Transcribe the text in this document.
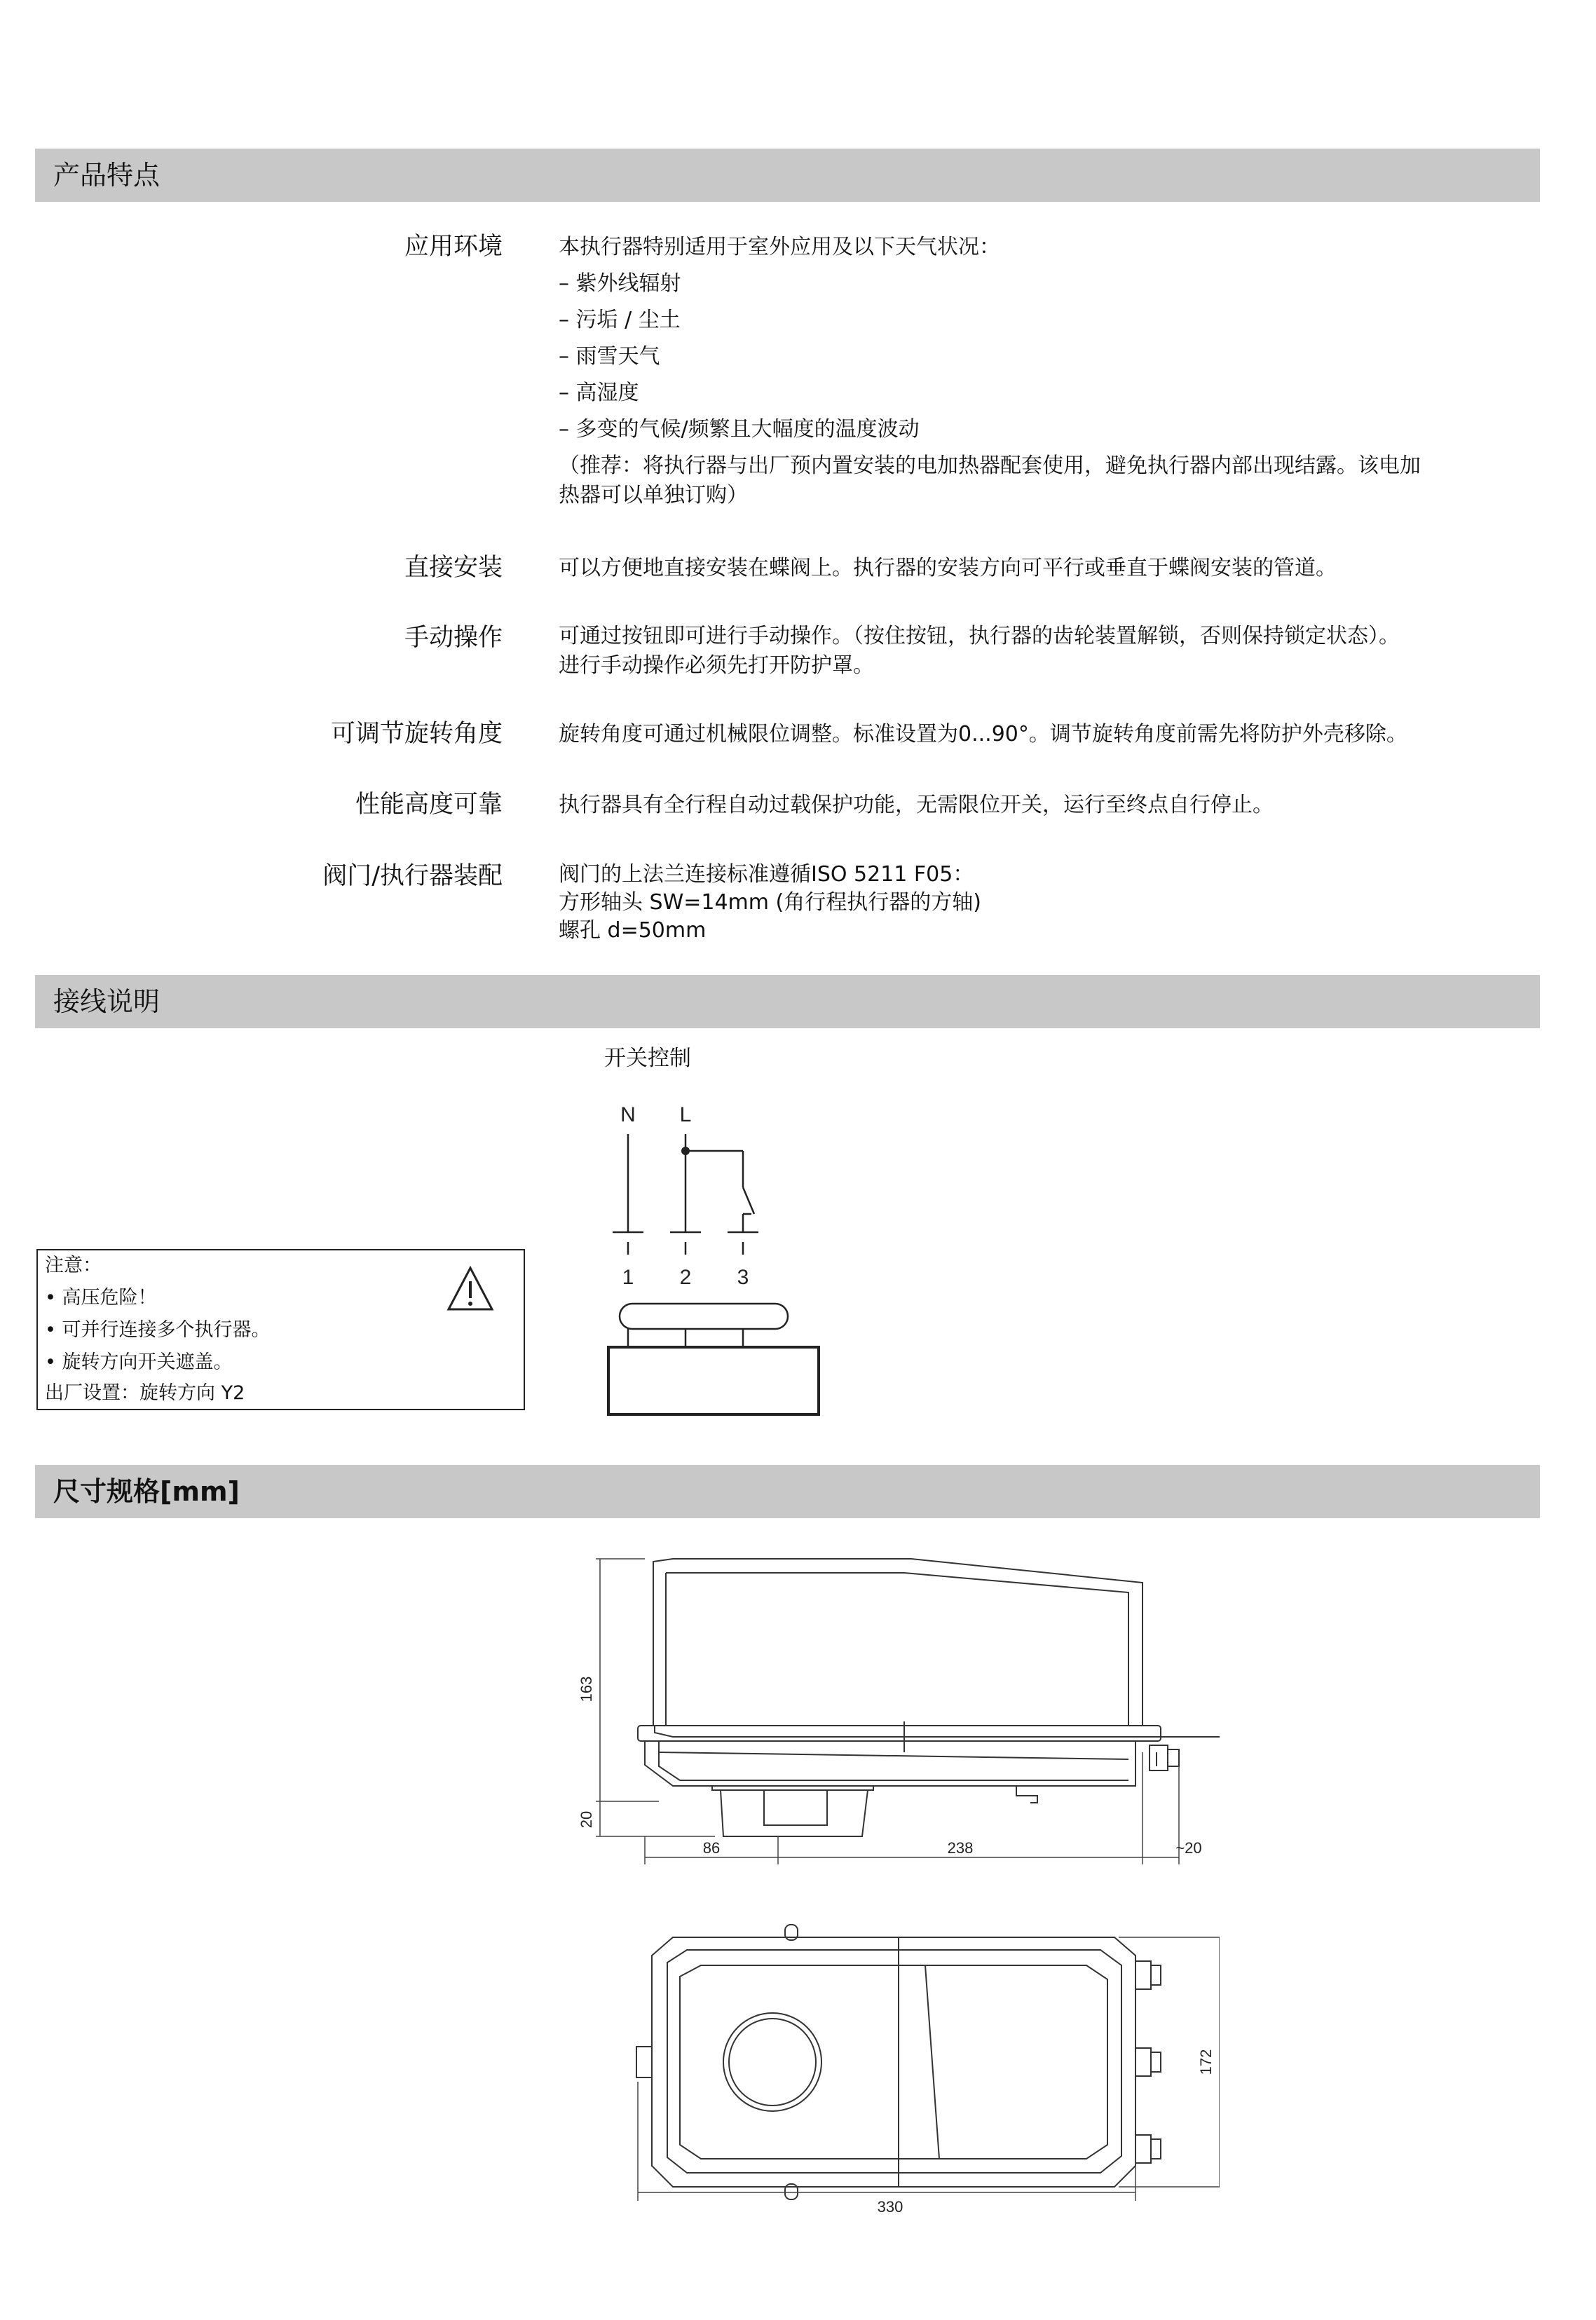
产品特点
应用环境	本执行器特别适用于室外应用及以下天气状况：
– 紫外线辐射
– 污垢 / 尘土
– 雨雪天气
– 高湿度
– 多变的气候/频繁且大幅度的温度波动
（推荐：将执行器与出厂预内置安装的电加热器配套使用，避免执行器内部出现结露。该电加
热器可以单独订购）
直接安装	可以方便地直接安装在蝶阀上。执行器的安装方向可平行或垂直于蝶阀安装的管道。
手动操作	可通过按钮即可进行手动操作。（按住按钮，执行器的齿轮装置解锁，否则保持锁定状态）。
进行手动操作必须先打开防护罩。
可调节旋转角度	旋转角度可通过机械限位调整。标准设置为0...90°。调节旋转角度前需先将防护外壳移除。
性能高度可靠	执行器具有全行程自动过载保护功能，无需限位开关，运行至终点自行停止。
阀门/执行器装配	阀门的上法兰连接标准遵循ISO 5211 F05：
方形轴头 SW=14mm (角行程执行器的方轴)
螺孔 d=50mm
接线说明
开关控制
N L
1 2 3
注意：
• 高压危险！
• 可并行连接多个执行器。
• 旋转方向开关遮盖。
出厂设置：旋转方向 Y2
尺寸规格[mm]
163
20
86	238	~20
330
172
